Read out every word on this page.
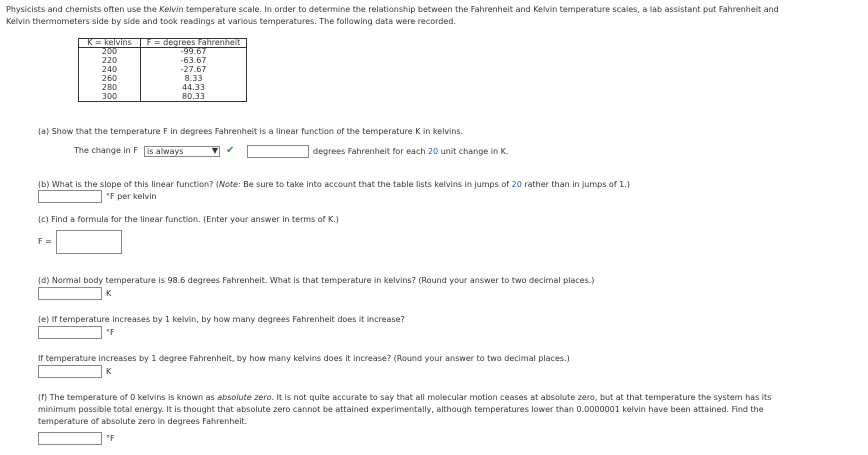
Physicists and chemists often use the Kelvin temperature scale. In order to determine the relationship between the Fahrenheit and Kelvin temperature scales, a lab assistant put Fahrenheit and
Kelvin thermometers side by side and took readings at various temperatures. The following data were recorded.
K = kelvins	F = degrees Fahrenheit
200	-99.67
220	-63.67
240	-27.67
260	8.33
280	44.33
300	80.33
(a) Show that the temperature F in degrees Fahrenheit is a linear function of the temperature K in kelvins.
The change in F	is always	▼ ✔	degrees Fahrenheit for each 20 unit change in K.
(b) What is the slope of this linear function? (Note: Be sure to take into account that the table lists kelvins in jumps of 20 rather than in jumps of 1.)
°F per kelvin
(c) Find a formula for the linear function. (Enter your answer in terms of K.)
F =
(d) Normal body temperature is 98.6 degrees Fahrenheit. What is that temperature in kelvins? (Round your answer to two decimal places.)
K
(e) If temperature increases by 1 kelvin, by how many degrees Fahrenheit does it increase?
°F
If temperature increases by 1 degree Fahrenheit, by how many kelvins does it increase? (Round your answer to two decimal places.)
K
(f) The temperature of 0 kelvins is known as absolute zero. It is not quite accurate to say that all molecular motion ceases at absolute zero, but at that temperature the system has its
minimum possible total energy. It is thought that absolute zero cannot be attained experimentally, although temperatures lower than 0.0000001 kelvin have been attained. Find the
temperature of absolute zero in degrees Fahrenheit.
°F
